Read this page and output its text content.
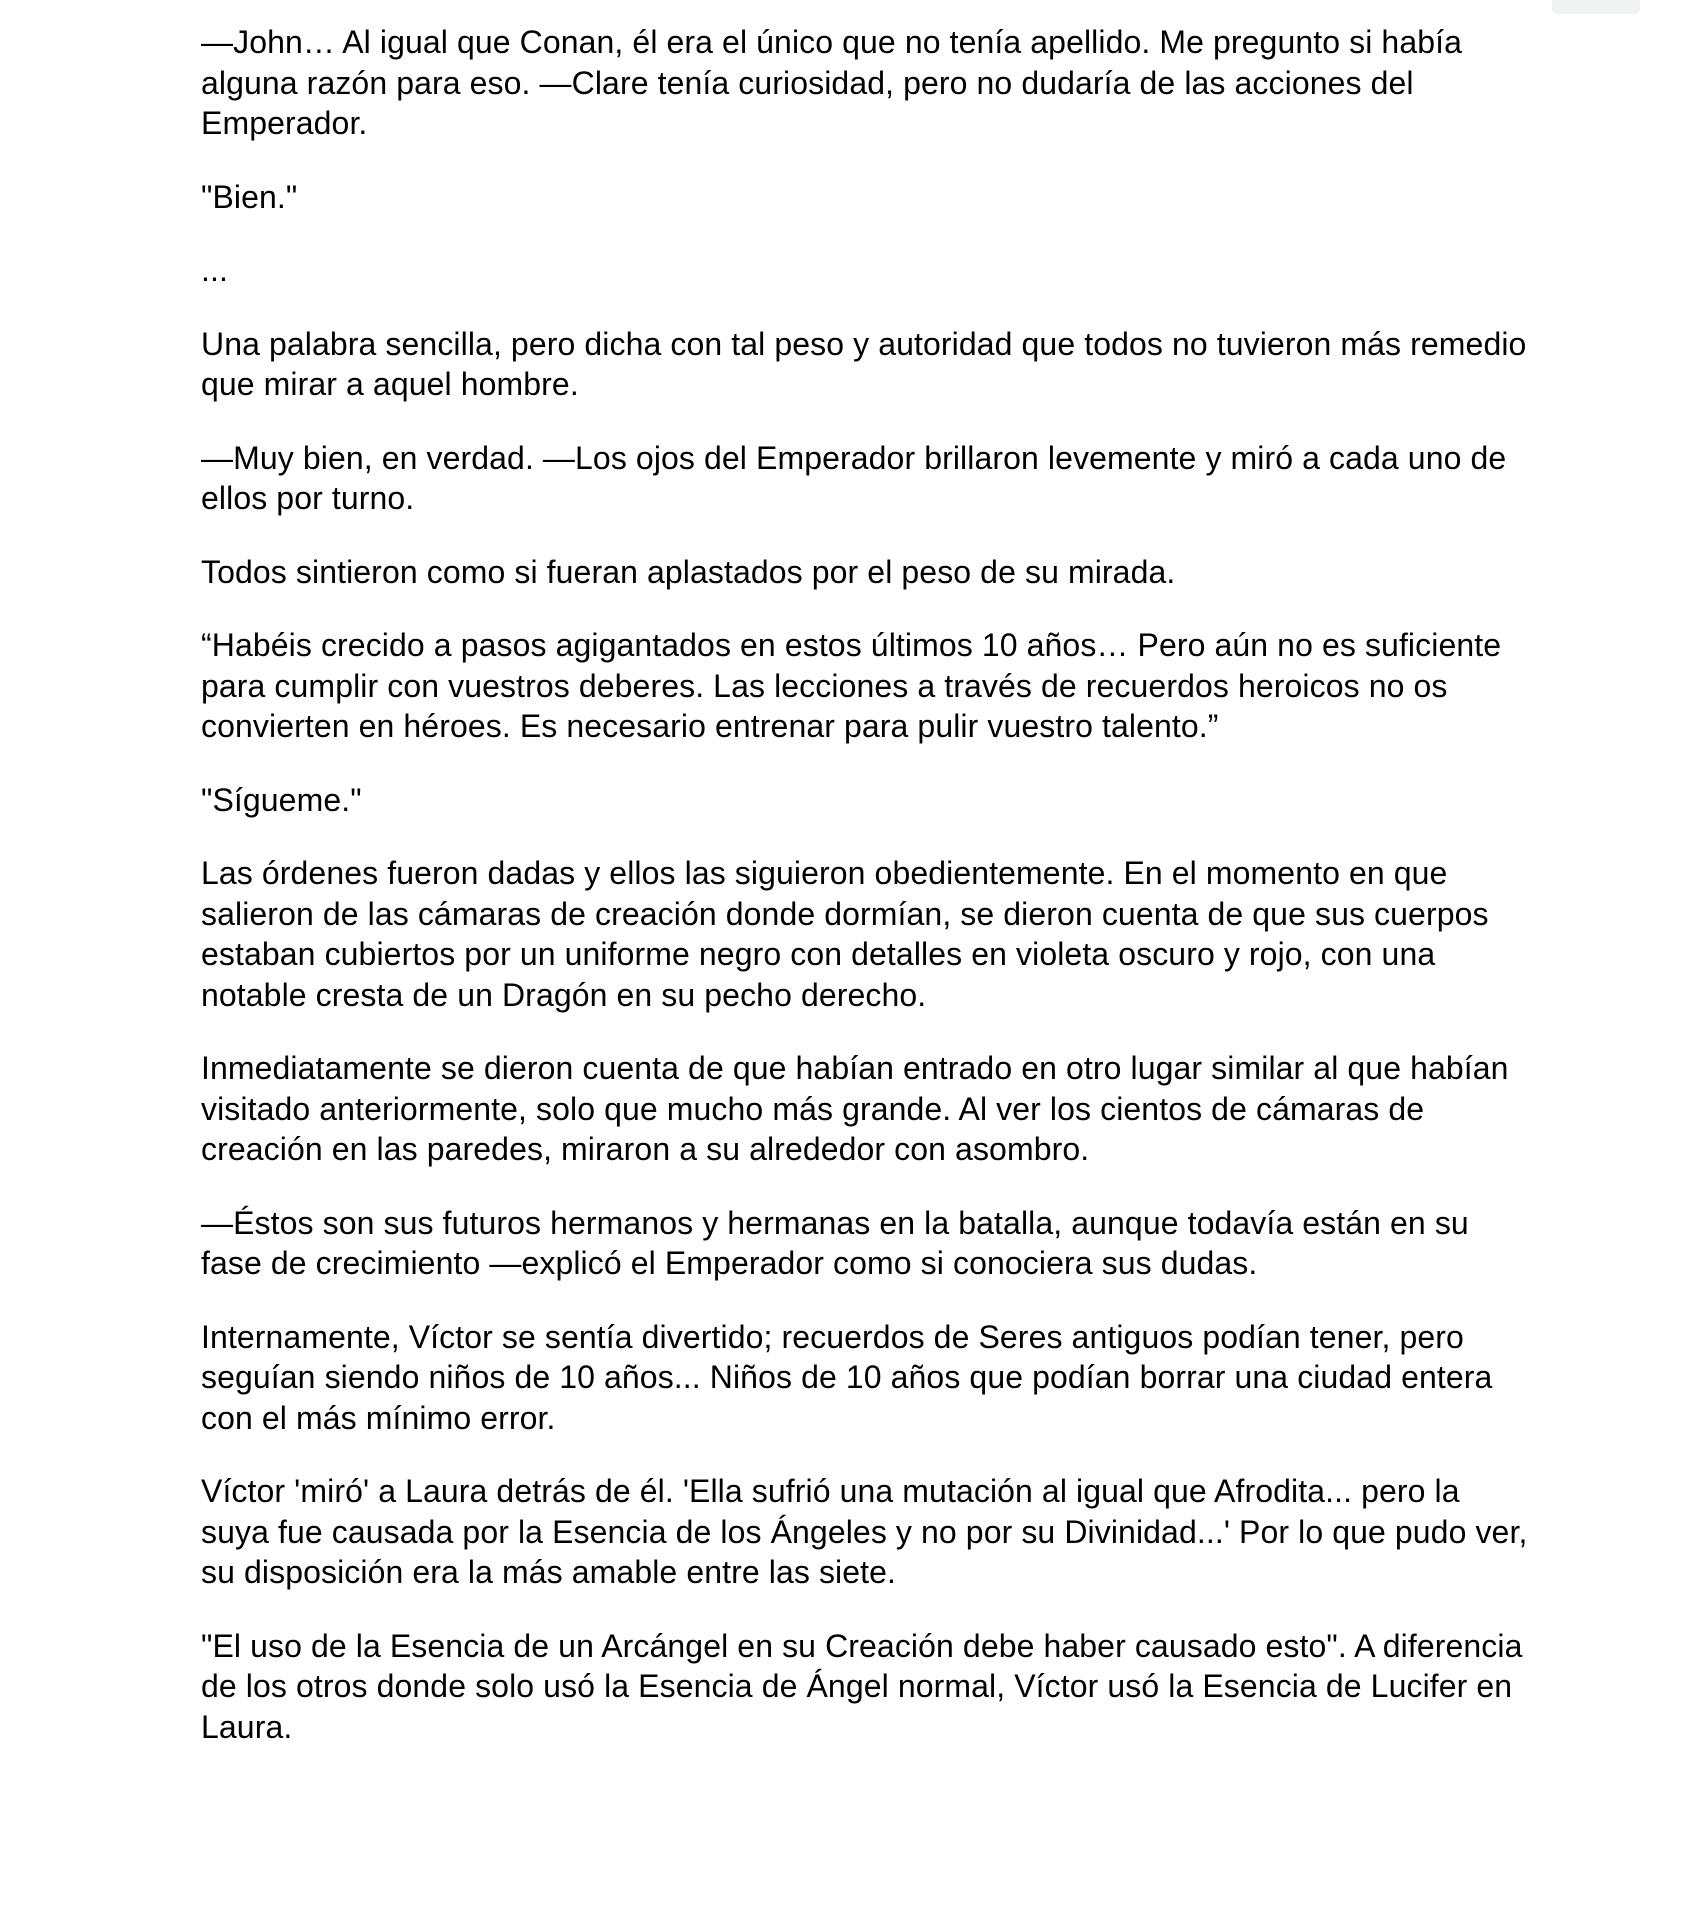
—John… Al igual que Conan, él era el único que no tenía apellido. Me pregunto si había alguna razón para eso. —Clare tenía curiosidad, pero no dudaría de las acciones del Emperador.

"Bien."

...

Una palabra sencilla, pero dicha con tal peso y autoridad que todos no tuvieron más remedio que mirar a aquel hombre.

—Muy bien, en verdad. —Los ojos del Emperador brillaron levemente y miró a cada uno de ellos por turno.

Todos sintieron como si fueran aplastados por el peso de su mirada.

“Habéis crecido a pasos agigantados en estos últimos 10 años… Pero aún no es suficiente para cumplir con vuestros deberes. Las lecciones a través de recuerdos heroicos no os convierten en héroes. Es necesario entrenar para pulir vuestro talento.”

"Sígueme."

Las órdenes fueron dadas y ellos las siguieron obedientemente. En el momento en que salieron de las cámaras de creación donde dormían, se dieron cuenta de que sus cuerpos estaban cubiertos por un uniforme negro con detalles en violeta oscuro y rojo, con una notable cresta de un Dragón en su pecho derecho.

Inmediatamente se dieron cuenta de que habían entrado en otro lugar similar al que habían visitado anteriormente, solo que mucho más grande. Al ver los cientos de cámaras de creación en las paredes, miraron a su alrededor con asombro.

—Éstos son sus futuros hermanos y hermanas en la batalla, aunque todavía están en su fase de crecimiento —explicó el Emperador como si conociera sus dudas.

Internamente, Víctor se sentía divertido; recuerdos de Seres antiguos podían tener, pero seguían siendo niños de 10 años... Niños de 10 años que podían borrar una ciudad entera con el más mínimo error.

Víctor 'miró' a Laura detrás de él. 'Ella sufrió una mutación al igual que Afrodita... pero la suya fue causada por la Esencia de los Ángeles y no por su Divinidad...' Por lo que pudo ver, su disposición era la más amable entre las siete.

"El uso de la Esencia de un Arcángel en su Creación debe haber causado esto". A diferencia de los otros donde solo usó la Esencia de Ángel normal, Víctor usó la Esencia de Lucifer en Laura.
